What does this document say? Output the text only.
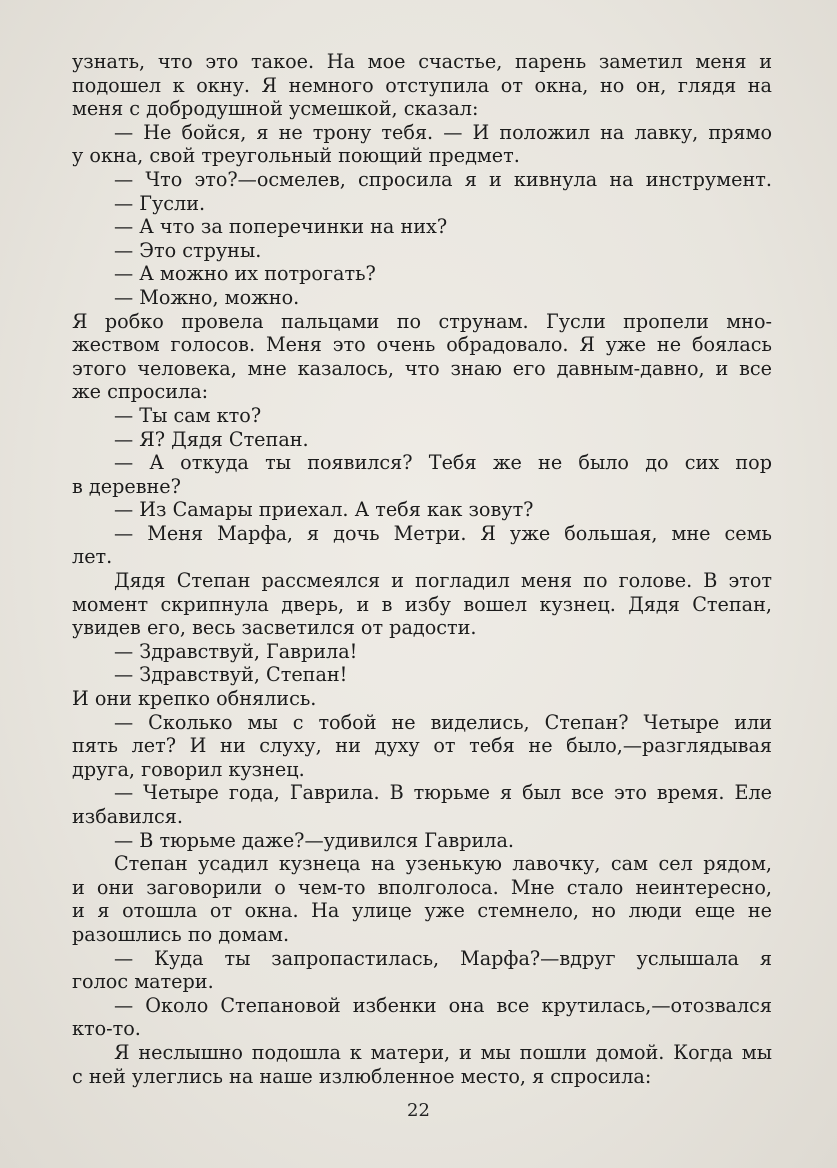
узнать, что это такое. На мое счастье, парень заметил меня и

подошел к окну. Я немного отступила от окна, но он, глядя на

меня с добродушной усмешкой, сказал:

— Не бойся, я не трону тебя. — И положил на лавку, прямо

у окна, свой треугольный поющий предмет.

— Что это?—осмелев, спросила я и кивнула на инструмент.

— Гусли.

— А что за поперечинки на них?

— Это струны.

— А можно их потрогать?

— Можно, можно.

Я робко провела пальцами по струнам. Гусли пропели мно-

жеством голосов. Меня это очень обрадовало. Я уже не боялась

этого человека, мне казалось, что знаю его давным-давно, и все

же спросила:

— Ты сам кто?

— Я? Дядя Степан.

— А откуда ты появился? Тебя же не было до сих пор

в деревне?

— Из Самары приехал. А тебя как зовут?

— Меня Марфа, я дочь Метри. Я уже большая, мне семь

лет.

Дядя Степан рассмеялся и погладил меня по голове. В этот

момент скрипнула дверь, и в избу вошел кузнец. Дядя Степан,

увидев его, весь засветился от радости.

— Здравствуй, Гаврила!

— Здравствуй, Степан!

И они крепко обнялись.

— Сколько мы с тобой не виделись, Степан? Четыре или

пять лет? И ни слуху, ни духу от тебя не было,—разглядывая

друга, говорил кузнец.

— Четыре года, Гаврила. В тюрьме я был все это время. Еле

избавился.

— В тюрьме даже?—удивился Гаврила.

Степан усадил кузнеца на узенькую лавочку, сам сел рядом,

и они заговорили о чем-то вполголоса. Мне стало неинтересно,

и я отошла от окна. На улице уже стемнело, но люди еще не

разошлись по домам.

— Куда ты запропастилась, Марфа?—вдруг услышала я

голос матери.

— Около Степановой избенки она все крутилась,—отозвался

кто-то.

Я неслышно подошла к матери, и мы пошли домой. Когда мы

с ней улеглись на наше излюбленное место, я спросила:

22
